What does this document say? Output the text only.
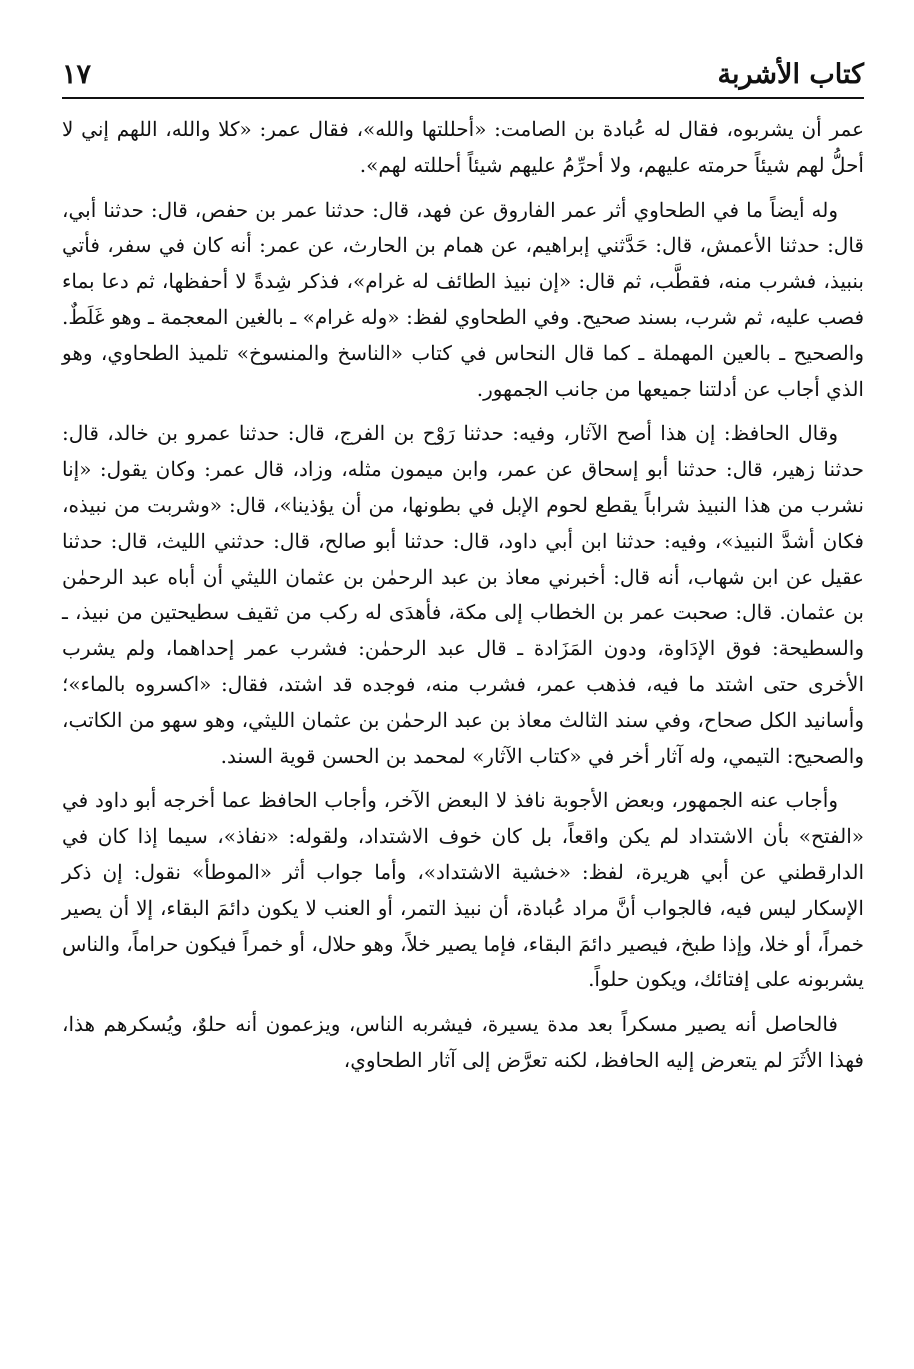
كتاب الأشربة
١٧

عمر أن يشربوه، فقال له عُبادة بن الصامت: «أحللتها والله»، فقال عمر: «كلا والله، اللهم إني لا أحلُّ لهم شيئاً حرمته عليهم، ولا أحرِّمُ عليهم شيئاً أحللته لهم».

وله أيضاً ما في الطحاوي أثر عمر الفاروق عن فهد، قال: حدثنا عمر بن حفص، قال: حدثنا أبي، قال: حدثنا الأعمش، قال: حَدَّثني إبراهيم، عن همام بن الحارث، عن عمر: أنه كان في سفر، فأتي بنبيذ، فشرب منه، فقطَّب، ثم قال: «إن نبيذ الطائف له غرام»، فذكر شِدةً لا أحفظها، ثم دعا بماء فصب عليه، ثم شرب، بسند صحيح. وفي الطحاوي لفظ: «وله غرام» ـ بالغين المعجمة ـ وهو غَلَطٌ. والصحيح ـ بالعين المهملة ـ كما قال النحاس في كتاب «الناسخ والمنسوخ» تلميذ الطحاوي، وهو الذي أجاب عن أدلتنا جميعها من جانب الجمهور.

وقال الحافظ: إن هذا أصح الآثار، وفيه: حدثنا رَوْح بن الفرج، قال: حدثنا عمرو بن خالد، قال: حدثنا زهير، قال: حدثنا أبو إسحاق عن عمر، وابن ميمون مثله، وزاد، قال عمر: وكان يقول: «إنا نشرب من هذا النبيذ شراباً يقطع لحوم الإبل في بطونها، من أن يؤذينا»، قال: «وشربت من نبيذه، فكان أشدَّ النبيذ»، وفيه: حدثنا ابن أبي داود، قال: حدثنا أبو صالح، قال: حدثني الليث، قال: حدثنا عقيل عن ابن شهاب، أنه قال: أخبرني معاذ بن عبد الرحمٰن بن عثمان الليثي أن أباه عبد الرحمٰن بن عثمان. قال: صحبت عمر بن الخطاب إلى مكة، فأهدَى له ركب من ثقيف سطيحتين من نبيذ، ـ والسطيحة: فوق الإدَاوة، ودون المَزَادة ـ قال عبد الرحمٰن: فشرب عمر إحداهما، ولم يشرب الأخرى حتى اشتد ما فيه، فذهب عمر، فشرب منه، فوجده قد اشتد، فقال: «اكسروه بالماء»؛ وأسانيد الكل صحاح، وفي سند الثالث معاذ بن عبد الرحمٰن بن عثمان الليثي، وهو سهو من الكاتب، والصحيح: التيمي، وله آثار أخر في «كتاب الآثار» لمحمد بن الحسن قوية السند.

وأجاب عنه الجمهور، وبعض الأجوبة نافذ لا البعض الآخر، وأجاب الحافظ عما أخرجه أبو داود في «الفتح» بأن الاشتداد لم يكن واقعاً، بل كان خوف الاشتداد، ولقوله: «نفاذ»، سيما إذا كان في الدارقطني عن أبي هريرة، لفظ: «خشية الاشتداد»، وأما جواب أثر «الموطأ» نقول: إن ذكر الإسكار ليس فيه، فالجواب أنَّ مراد عُبادة، أن نبيذ التمر، أو العنب لا يكون دائمَ البقاء، إلا أن يصير خمراً، أو خلا، وإذا طبخ، فيصير دائمَ البقاء، فإما يصير خلاً، وهو حلال، أو خمراً فيكون حراماً، والناس يشربونه على إفتائك، ويكون حلواً.

فالحاصل أنه يصير مسكراً بعد مدة يسيرة، فيشربه الناس، ويزعمون أنه حلوٌ، ويُسكرهم هذا، فهذا الأثَرَ لم يتعرض إليه الحافظ، لكنه تعرَّض إلى آثار الطحاوي،
